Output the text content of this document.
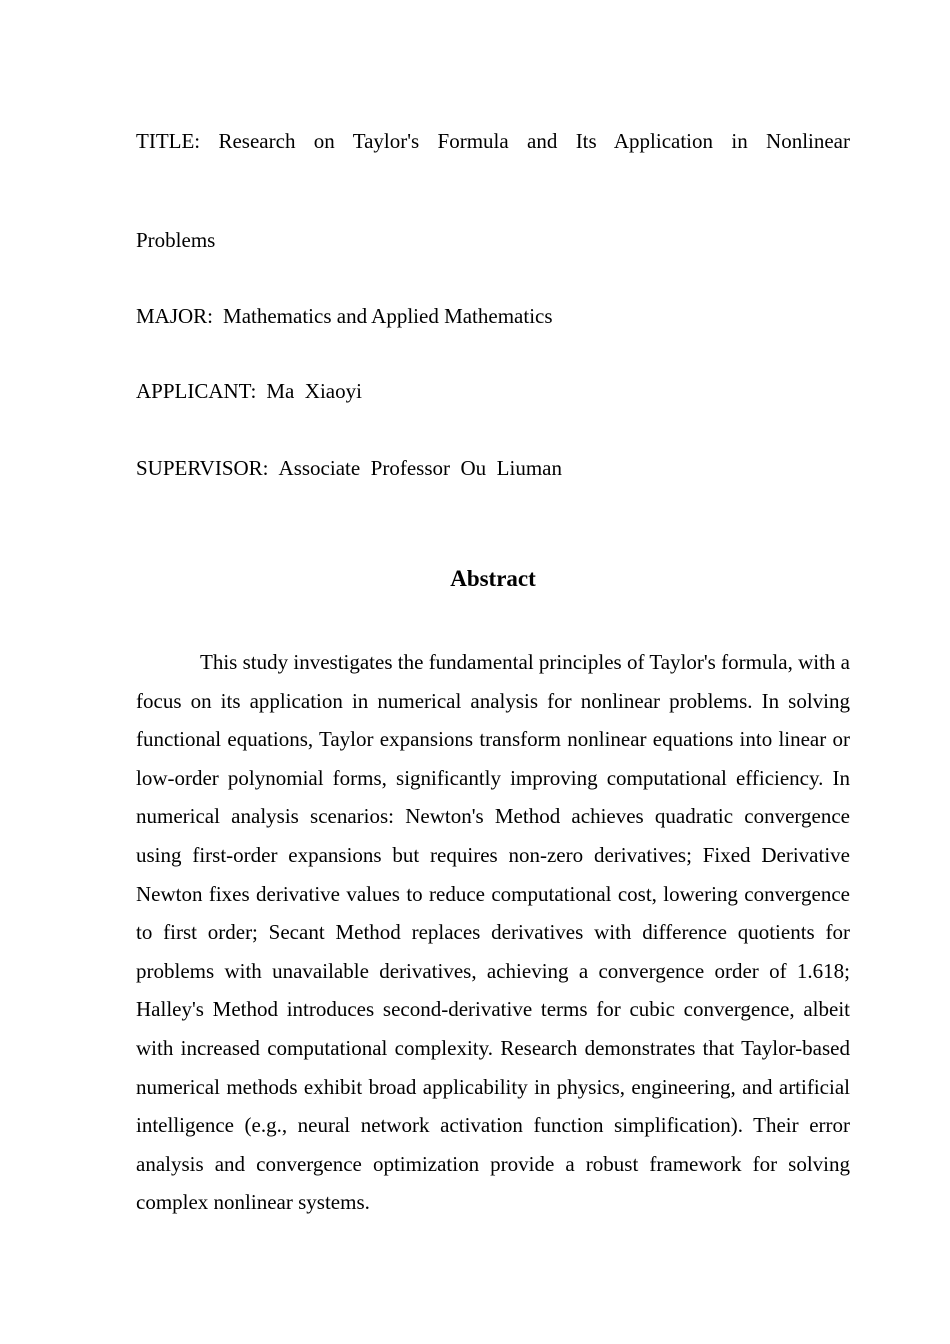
TITLE: Research on Taylor's Formula and Its Application in Nonlinear
Problems
MAJOR: Mathematics and Applied Mathematics
APPLICANT: Ma  Xiaoyi
SUPERVISOR: Associate  Professor  Ou  Liuman
Abstract

This study investigates the fundamental principles of Taylor's formula, with a focus on its application in numerical analysis for nonlinear problems. In solving functional equations, Taylor expansions transform nonlinear equations into linear or low-order polynomial forms, significantly improving computational efficiency. In numerical analysis scenarios: Newton's Method achieves quadratic convergence using first-order expansions but requires non-zero derivatives; Fixed Derivative Newton fixes derivative values to reduce computational cost, lowering convergence to first order; Secant Method replaces derivatives with difference quotients for problems with unavailable derivatives, achieving a convergence order of 1.618; Halley's Method introduces second-derivative terms for cubic convergence, albeit with increased computational complexity. Research demonstrates that Taylor-based numerical methods exhibit broad applicability in physics, engineering, and artificial intelligence (e.g., neural network activation function simplification). Their error analysis and convergence optimization provide a robust framework for solving complex nonlinear systems.
